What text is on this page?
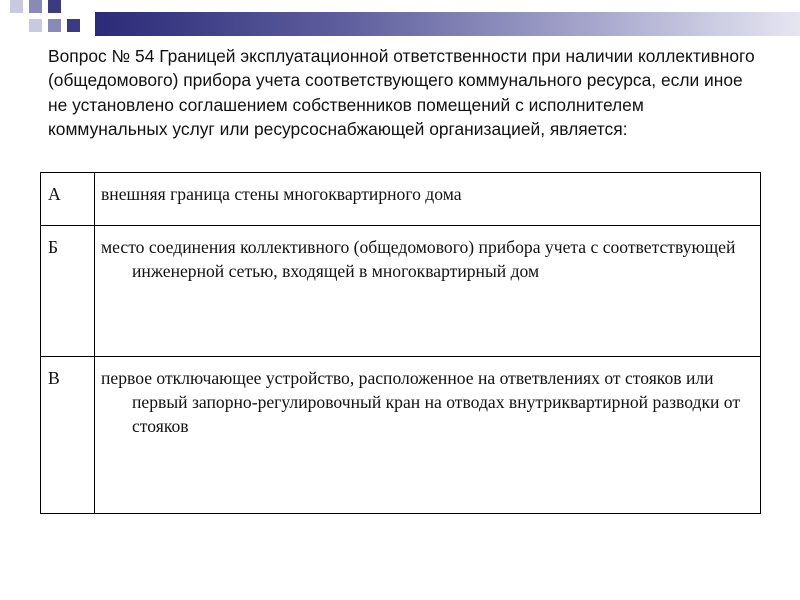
Вопрос № 54 Границей эксплуатационной ответственности при наличии коллективного (общедомового) прибора учета соответствующего коммунального ресурса, если иное не установлено соглашением собственников помещений с исполнителем коммунальных услуг или ресурсоснабжающей организацией, является:

А	внешняя граница стены многоквартирного дома
Б	место соединения коллективного (общедомового) прибора учета с соответствующей инженерной сетью, входящей в многоквартирный дом
В	первое отключающее устройство, расположенное на ответвлениях от стояков или первый запорно-регулировочный кран на отводах внутриквартирной разводки от стояков
